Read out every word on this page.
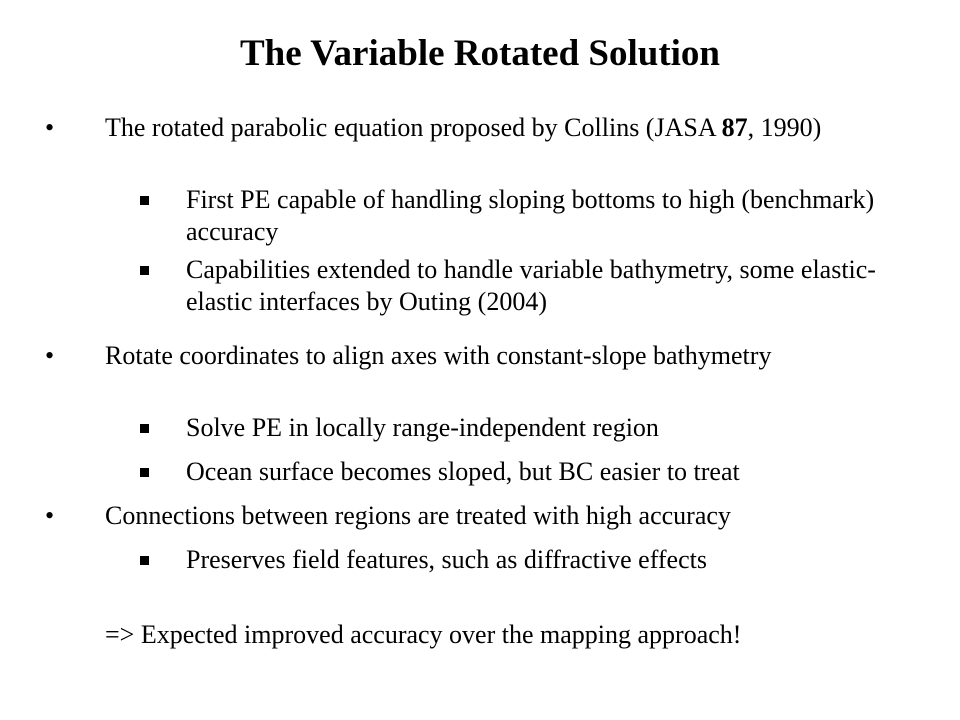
The Variable Rotated Solution
• The rotated parabolic equation proposed by Collins (JASA 87, 1990)
First PE capable of handling sloping bottoms to high (benchmark) accuracy
Capabilities extended to handle variable bathymetry, some elastic-elastic interfaces by Outing (2004)
• Rotate coordinates to align axes with constant-slope bathymetry
Solve PE in locally range-independent region
Ocean surface becomes sloped, but BC easier to treat
• Connections between regions are treated with high accuracy
Preserves field features, such as diffractive effects
=> Expected improved accuracy over the mapping approach!
